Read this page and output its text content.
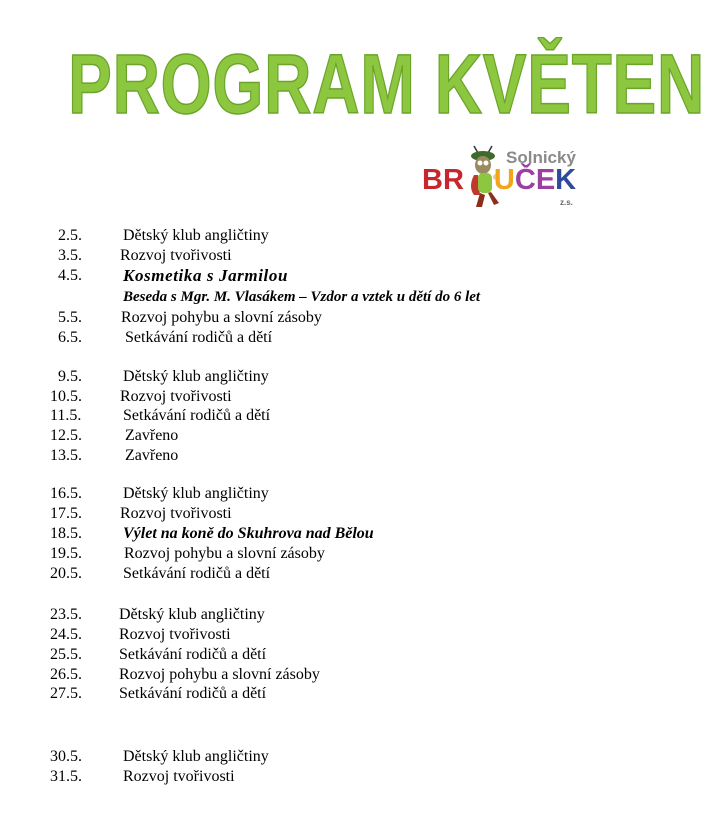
PROGRAM KVĚTEN
Solnický
BR UČEK
z.s.
2.5.	Dětský klub angličtiny
3.5. Rozvoj tvořivosti
4.5. Kosmetika s Jarmilou
Beseda s Mgr. M. Vlasákem – Vzdor a vztek u dětí do 6 let
5.5. Rozvoj pohybu a slovní zásoby
6.5.	Setkávání rodičů a dětí
9.5.	Dětský klub angličtiny
10.5. Rozvoj tvořivosti
11.5.	Setkávání rodičů a dětí
12.5.	Zavřeno
13.5.	Zavřeno
16.5.	Dětský klub angličtiny
17.5. Rozvoj tvořivosti
18.5.	Výlet na koně do Skuhrova nad Bělou
19.5.	Rozvoj pohybu a slovní zásoby
20.5.	Setkávání rodičů a dětí
23.5. Dětský klub angličtiny
24.5. Rozvoj tvořivosti
25.5. Setkávání rodičů a dětí
26.5. Rozvoj pohybu a slovní zásoby
27.5. Setkávání rodičů a dětí
30.5.	Dětský klub angličtiny
31.5.	Rozvoj tvořivosti
